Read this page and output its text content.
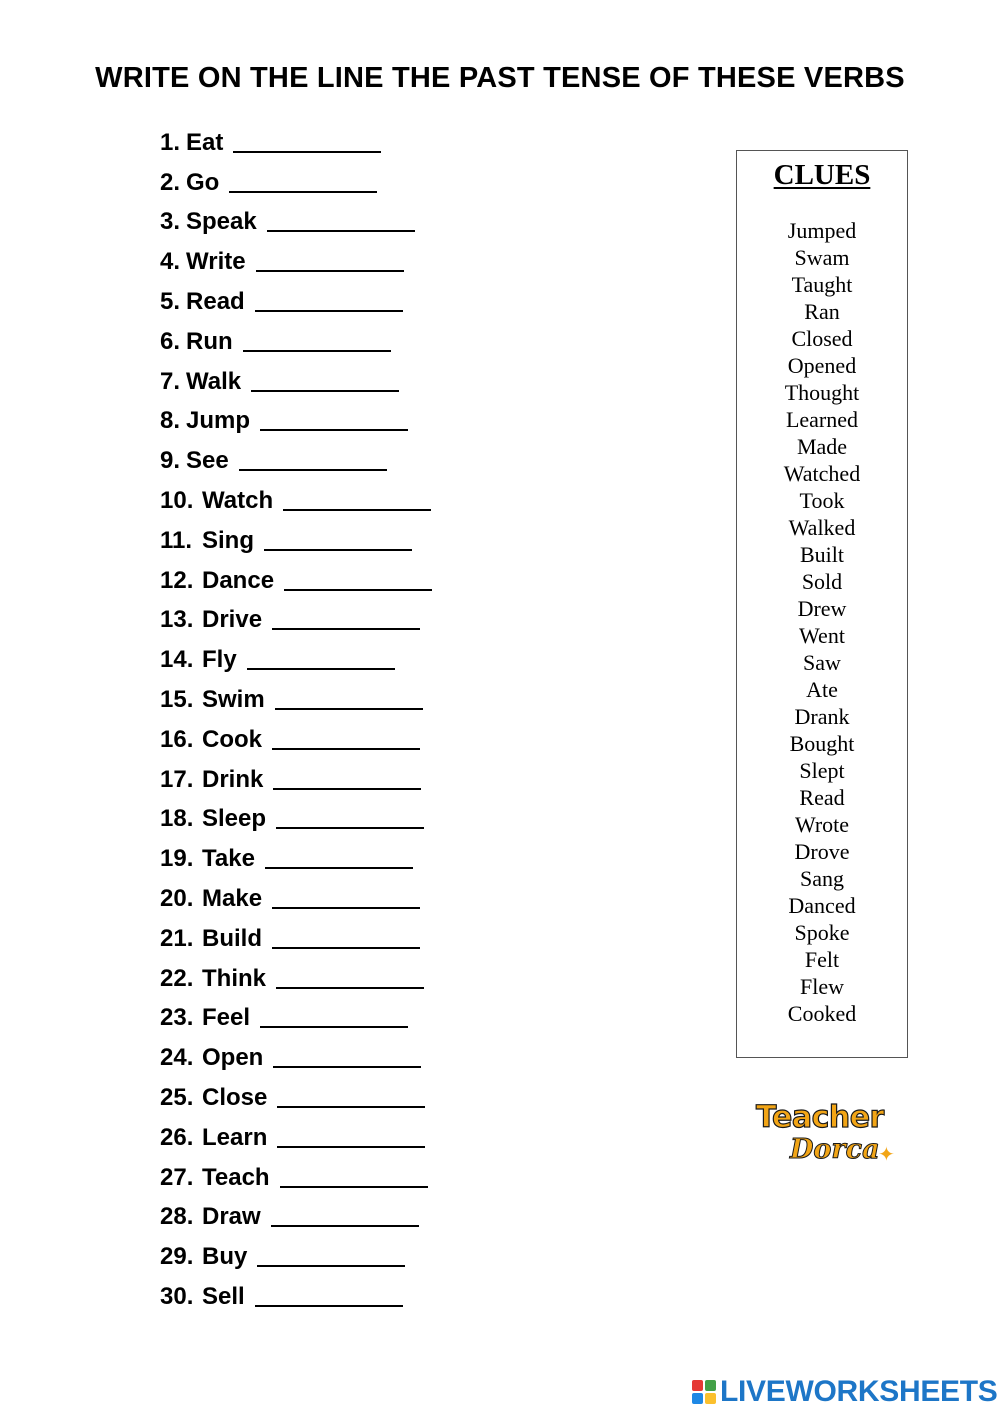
WRITE ON THE LINE THE PAST TENSE OF THESE VERBS
1. Eat
2. Go
3. Speak
4. Write
5. Read
6. Run
7. Walk
8. Jump
9. See
10. Watch
11. Sing
12. Dance
13. Drive
14. Fly
15. Swim
16. Cook
17. Drink
18. Sleep
19. Take
20. Make
21. Build
22. Think
23. Feel
24. Open
25. Close
26. Learn
27. Teach
28. Draw
29. Buy
30. Sell
CLUES
Jumped
Swam
Taught
Ran
Closed
Opened
Thought
Learned
Made
Watched
Took
Walked
Built
Sold
Drew
Went
Saw
Ate
Drank
Bought
Slept
Read
Wrote
Drove
Sang
Danced
Spoke
Felt
Flew
Cooked
Teacher
Dorca
✦
LIVEWORKSHEETS
